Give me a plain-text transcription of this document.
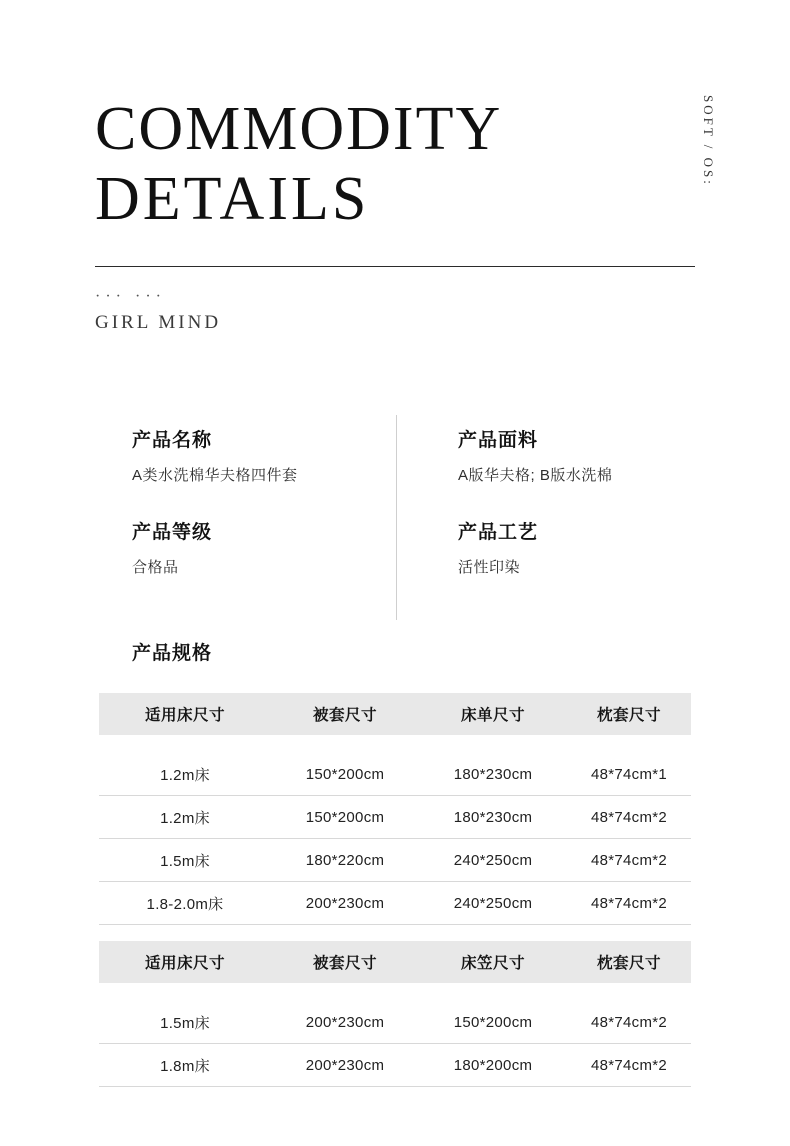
COMMODITY
DETAILS
SOFT / OS:
··· ···
GIRL MIND
产品名称
A类水洗棉华夫格四件套
产品等级
合格品
产品面料
A版华夫格; B版水洗棉
产品工艺
活性印染
产品规格
适用床尺寸	被套尺寸	床单尺寸	枕套尺寸

1.2m床	150*200cm	180*230cm	48*74cm*1
1.2m床	150*200cm	180*230cm	48*74cm*2
1.5m床	180*220cm	240*250cm	48*74cm*2
1.8-2.0m床	200*230cm	240*250cm	48*74cm*2
适用床尺寸	被套尺寸	床笠尺寸	枕套尺寸

1.5m床	200*230cm	150*200cm	48*74cm*2
1.8m床	200*230cm	180*200cm	48*74cm*2
